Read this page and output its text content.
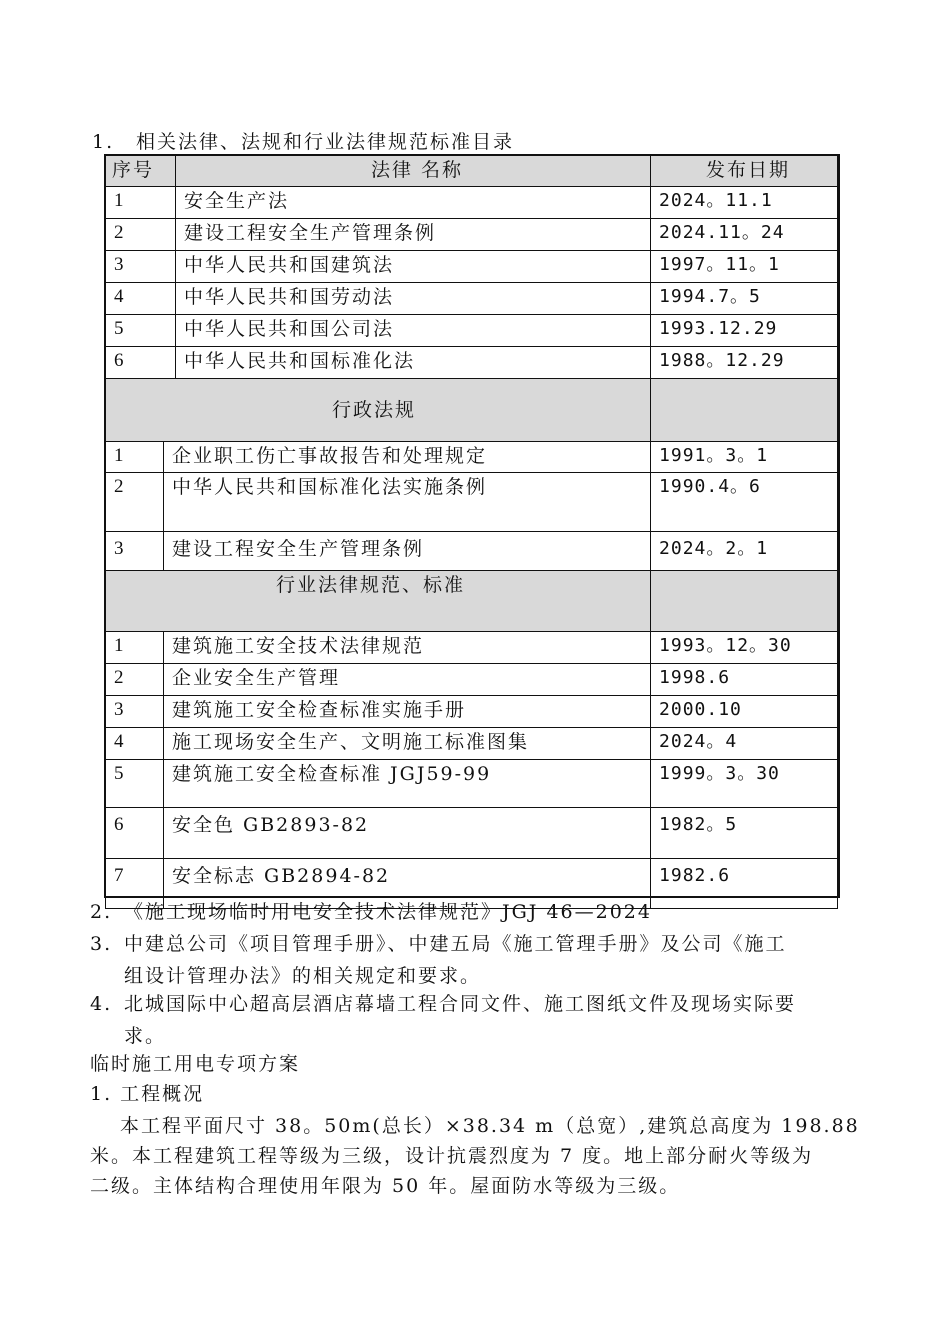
1. 相关法律、法规和行业法律规范标准目录
序号		法律 名称	发布日期
1		安全生产法	2024。11.1
2		建设工程安全生产管理条例	2024.11。24
3		中华人民共和国建筑法	1997。11。1
4		中华人民共和国劳动法	1994.7。5
5		中华人民共和国公司法	1993.12.29
6		中华人民共和国标准化法	1988。12.29
行政法规			
1	企业职工伤亡事故报告和处理规定		1991。3。1
2	中华人民共和国标准化法实施条例		1990.4。6
3	建设工程安全生产管理条例		2024。2。1
行业法律规范、标准			
1	建筑施工安全技术法律规范		1993。12。30
2	企业安全生产管理		1998.6
3	建筑施工安全检查标准实施手册		2000.10
4	施工现场安全生产、文明施工标准图集		2024。4
5	建筑施工安全检查标准 JGJ59-99		1999。3。30
6	安全色 GB2893-82		1982。5
7	安全标志 GB2894-82		1982.6
2. 《施工现场临时用电安全技术法律规范》JGJ 46—2024
3. 中建总公司《项目管理手册》、中建五局《施工管理手册》及公司《施工
组设计管理办法》的相关规定和要求。
4. 北城国际中心超高层酒店幕墙工程合同文件、施工图纸文件及现场实际要
求。
临时施工用电专项方案
1. 工程概况
本工程平面尺寸 38。50m(总长）×38.34 m（总宽）,建筑总高度为 198.88
米。本工程建筑工程等级为三级，设计抗震烈度为 7 度。地上部分耐火等级为
二级。主体结构合理使用年限为 50 年。屋面防水等级为三级。
